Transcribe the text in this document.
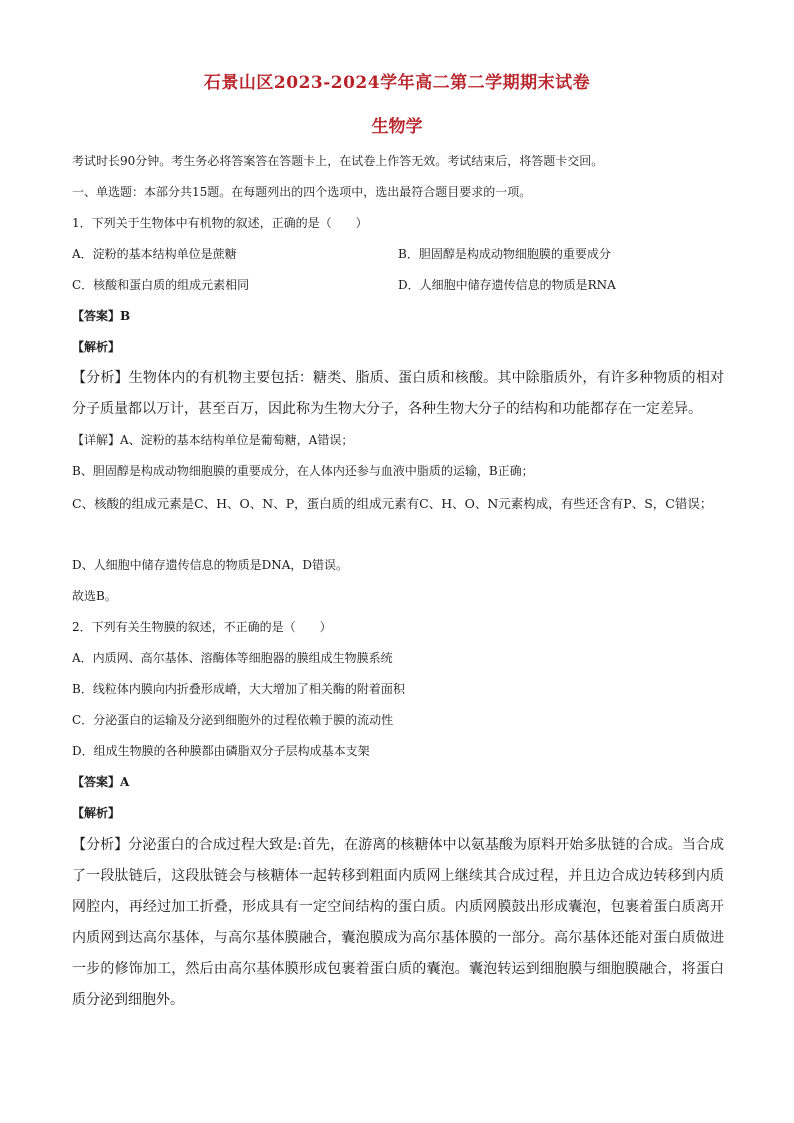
石景山区2023-2024学年高二第二学期期末试卷
生物学
考试时长90分钟。考生务必将答案答在答题卡上，在试卷上作答无效。考试结束后，将答题卡交回。
一、单选题：本部分共15题。在每题列出的四个选项中，选出最符合题目要求的一项。
1．下列关于生物体中有机物的叙述，正确的是（　　）
A．淀粉的基本结构单位是蔗糖	B．胆固醇是构成动物细胞膜的重要成分
C．核酸和蛋白质的组成元素相同	D．人细胞中储存遗传信息的物质是RNA
【答案】B
【解析】
【分析】生物体内的有机物主要包括：糖类、脂质、蛋白质和核酸。其中除脂质外，有许多种物质的相对分子质量都以万计，甚至百万，因此称为生物大分子，各种生物大分子的结构和功能都存在一定差异。
【详解】A、淀粉的基本结构单位是葡萄糖，A错误；
B、胆固醇是构成动物细胞膜的重要成分，在人体内还参与血液中脂质的运输，B正确；
C、核酸的组成元素是C、H、O、N、P，蛋白质的组成元素有C、H、O、N元素构成，有些还含有P、S，C错误；
D、人细胞中储存遗传信息的物质是DNA，D错误。
故选B。
2．下列有关生物膜的叙述，不正确的是（　　）
A．内质网、高尔基体、溶酶体等细胞器的膜组成生物膜系统
B．线粒体内膜向内折叠形成嵴，大大增加了相关酶的附着面积
C．分泌蛋白的运输及分泌到细胞外的过程依赖于膜的流动性
D．组成生物膜的各种膜都由磷脂双分子层构成基本支架
【答案】A
【解析】
【分析】分泌蛋白的合成过程大致是:首先，在游离的核糖体中以氨基酸为原料开始多肽链的合成。当合成了一段肽链后，这段肽链会与核糖体一起转移到粗面内质网上继续其合成过程，并且边合成边转移到内质网腔内，再经过加工折叠，形成具有一定空间结构的蛋白质。内质网膜鼓出形成囊泡，包裹着蛋白质离开内质网到达高尔基体，与高尔基体膜融合，囊泡膜成为高尔基体膜的一部分。高尔基体还能对蛋白质做进一步的修饰加工，然后由高尔基体膜形成包裹着蛋白质的囊泡。囊泡转运到细胞膜与细胞膜融合，将蛋白质分泌到细胞外。
